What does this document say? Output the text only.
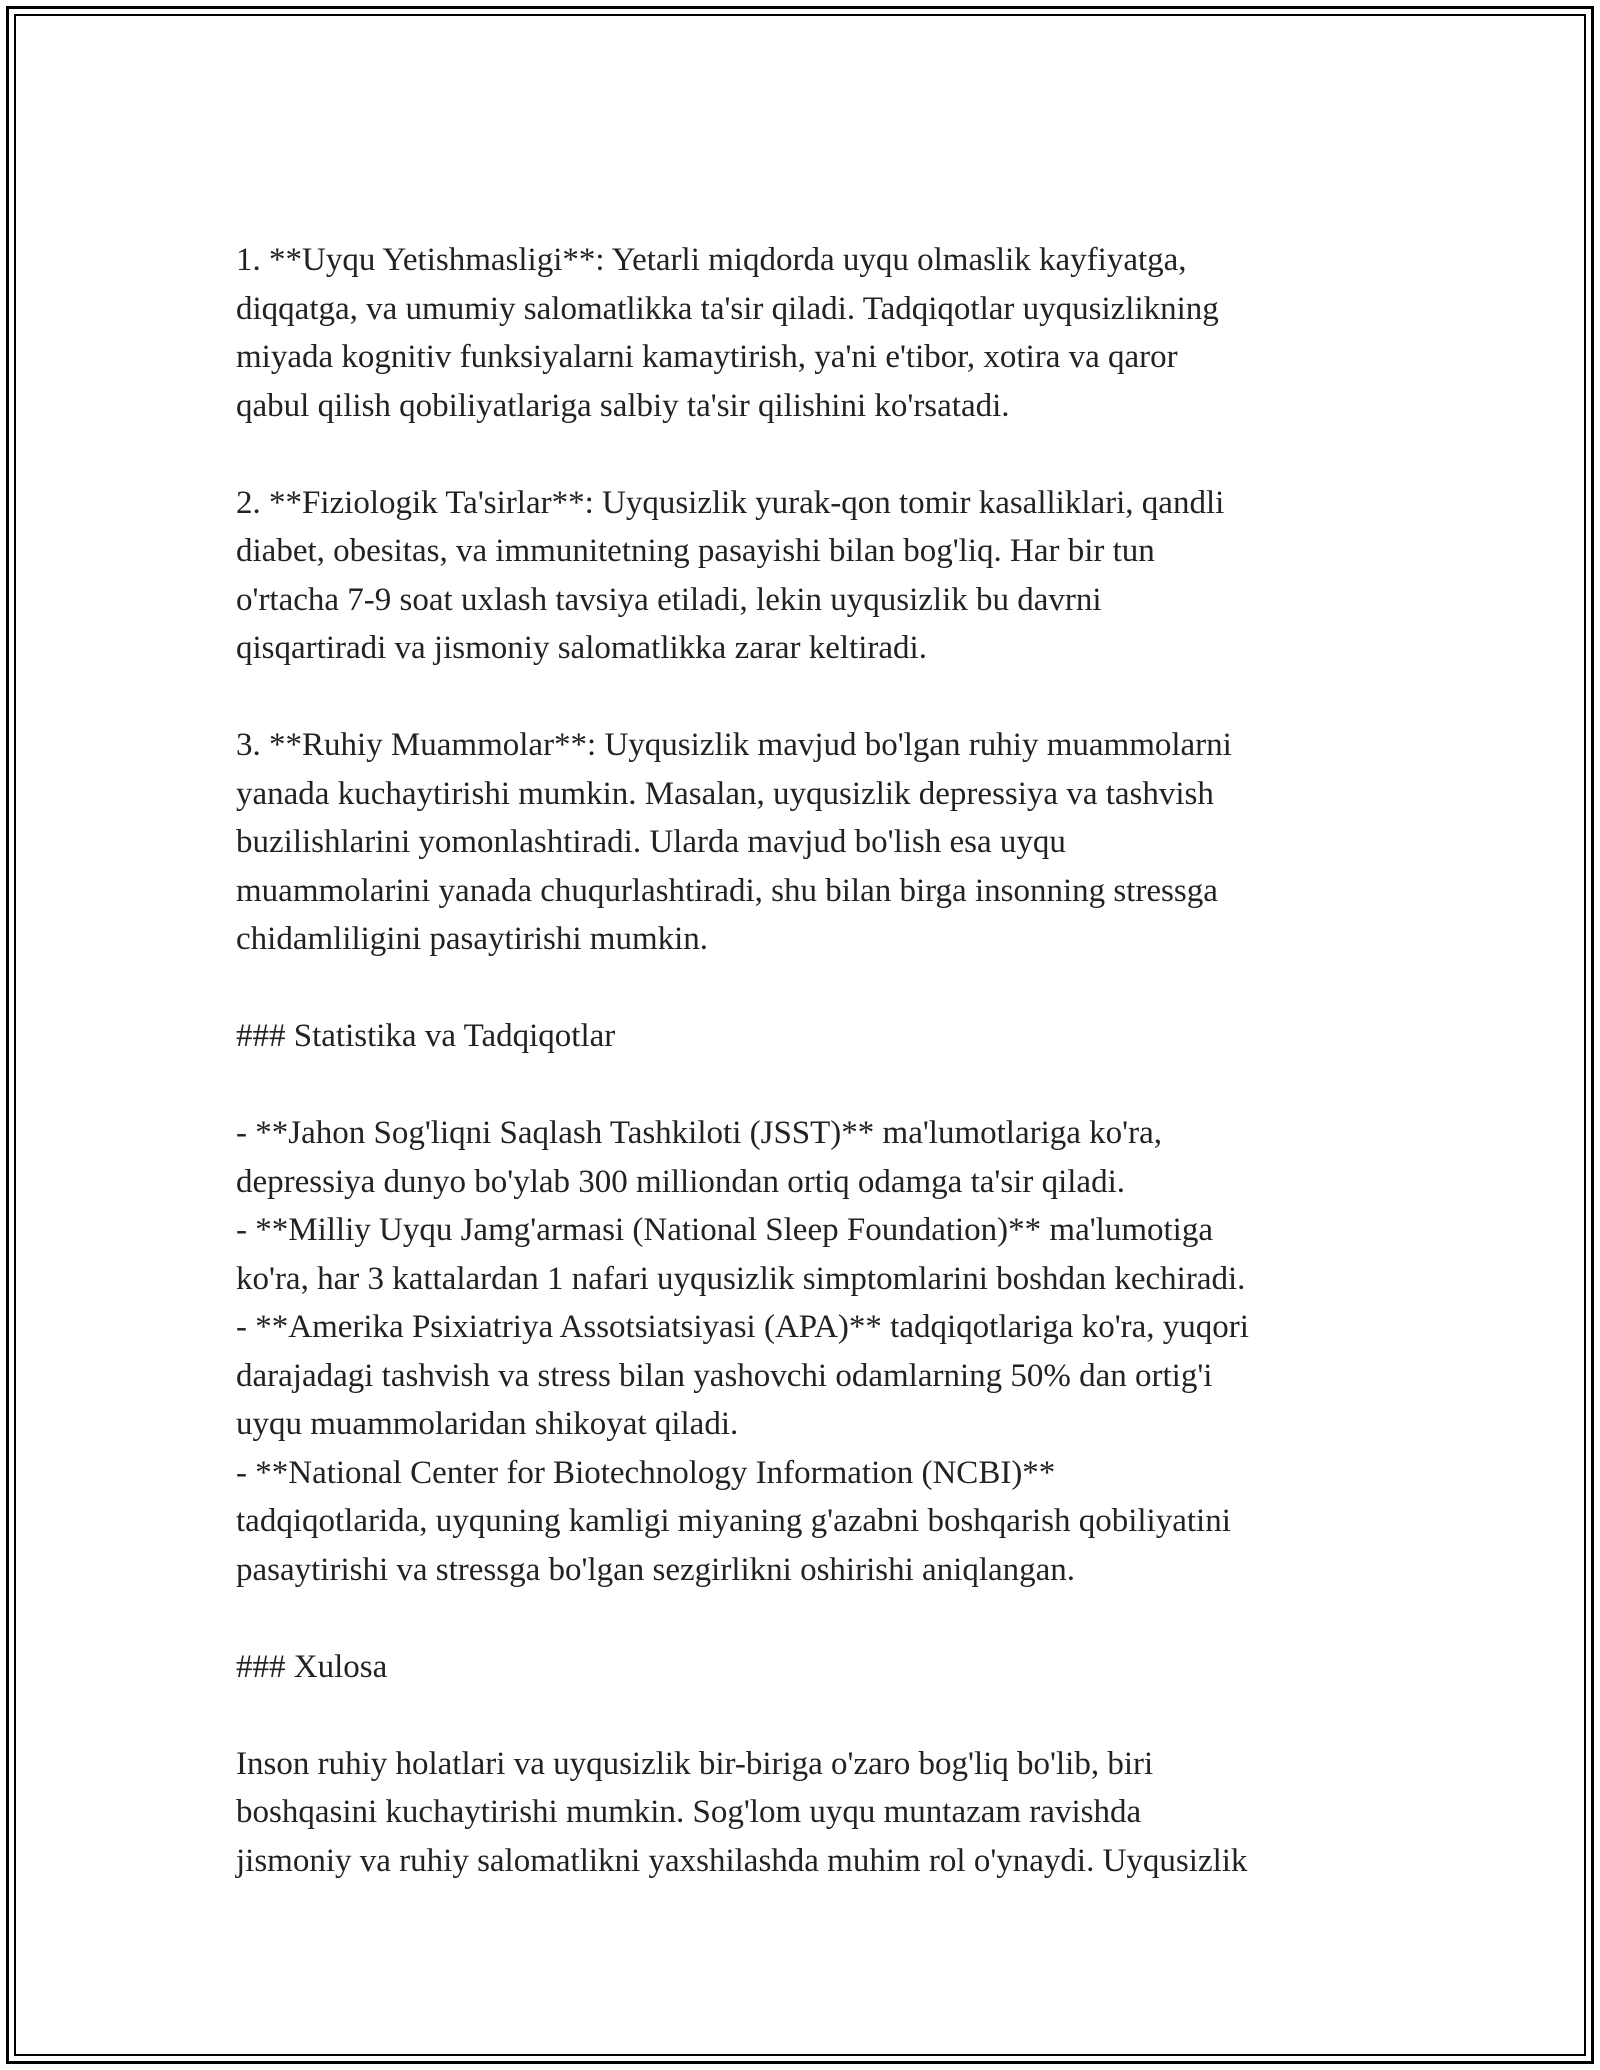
1. **Uyqu Yetishmasligi**: Yetarli miqdorda uyqu olmaslik kayfiyatga,
diqqatga, va umumiy salomatlikka ta'sir qiladi. Tadqiqotlar uyqusizlikning
miyada kognitiv funksiyalarni kamaytirish, ya'ni e'tibor, xotira va qaror
qabul qilish qobiliyatlariga salbiy ta'sir qilishini ko'rsatadi.

2. **Fiziologik Ta'sirlar**: Uyqusizlik yurak-qon tomir kasalliklari, qandli
diabet, obesitas, va immunitetning pasayishi bilan bog'liq. Har bir tun
o'rtacha 7-9 soat uxlash tavsiya etiladi, lekin uyqusizlik bu davrni
qisqartiradi va jismoniy salomatlikka zarar keltiradi.

3. **Ruhiy Muammolar**: Uyqusizlik mavjud bo'lgan ruhiy muammolarni
yanada kuchaytirishi mumkin. Masalan, uyqusizlik depressiya va tashvish
buzilishlarini yomonlashtiradi. Ularda mavjud bo'lish esa uyqu
muammolarini yanada chuqurlashtiradi, shu bilan birga insonning stressga
chidamliligini pasaytirishi mumkin.

### Statistika va Tadqiqotlar

- **Jahon Sog'liqni Saqlash Tashkiloti (JSST)** ma'lumotlariga ko'ra,
depressiya dunyo bo'ylab 300 milliondan ortiq odamga ta'sir qiladi.
- **Milliy Uyqu Jamg'armasi (National Sleep Foundation)** ma'lumotiga
ko'ra, har 3 kattalardan 1 nafari uyqusizlik simptomlarini boshdan kechiradi.
- **Amerika Psixiatriya Assotsiatsiyasi (APA)** tadqiqotlariga ko'ra, yuqori
darajadagi tashvish va stress bilan yashovchi odamlarning 50% dan ortig'i
uyqu muammolaridan shikoyat qiladi.
- **National Center for Biotechnology Information (NCBI)**
tadqiqotlarida, uyquning kamligi miyaning g'azabni boshqarish qobiliyatini
pasaytirishi va stressga bo'lgan sezgirlikni oshirishi aniqlangan.

### Xulosa

Inson ruhiy holatlari va uyqusizlik bir-biriga o'zaro bog'liq bo'lib, biri
boshqasini kuchaytirishi mumkin. Sog'lom uyqu muntazam ravishda
jismoniy va ruhiy salomatlikni yaxshilashda muhim rol o'ynaydi. Uyqusizlik
